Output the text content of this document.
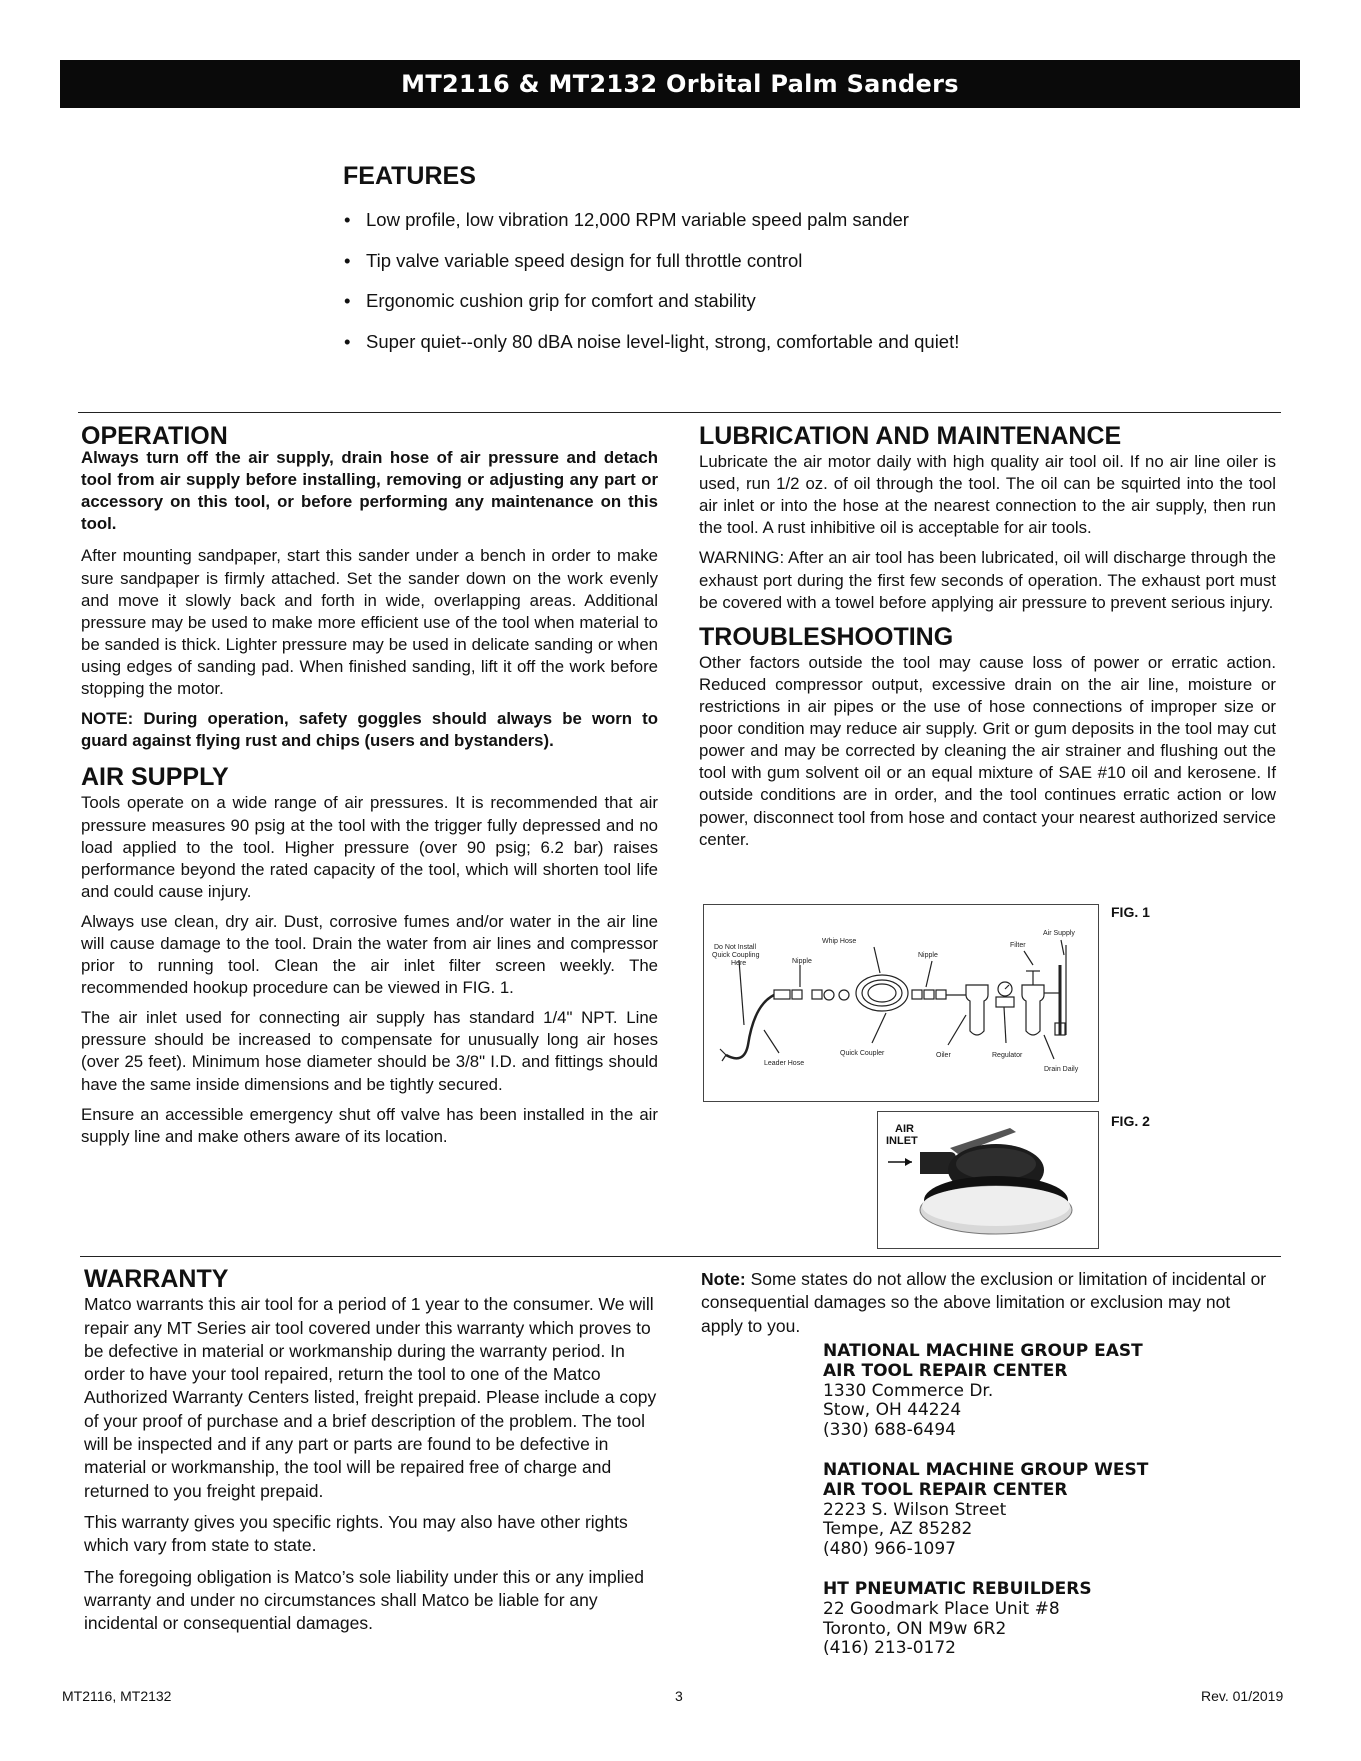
MT2116 & MT2132 Orbital Palm Sanders
FEATURES
• Low profile, low vibration 12,000 RPM variable speed palm sander
• Tip valve variable speed design for full throttle control
• Ergonomic cushion grip for comfort and stability
• Super quiet--only 80 dBA noise level-light, strong, comfortable and quiet!
OPERATION

Always turn off the air supply, drain hose of air pressure and detach tool from air supply before installing, removing or adjusting any part or accessory on this tool, or before performing any maintenance on this tool.

After mounting sandpaper, start this sander under a bench in order to make sure sandpaper is firmly attached. Set the sander down on the work evenly and move it slowly back and forth in wide, overlapping areas. Additional pressure may be used to make more efficient use of the tool when material to be sanded is thick. Lighter pressure may be used in delicate sanding or when using edges of sanding pad. When finished sanding, lift it off the work before stopping the motor.

NOTE: During operation, safety goggles should always be worn to guard against flying rust and chips (users and bystanders).

AIR SUPPLY

Tools operate on a wide range of air pressures. It is recommended that air pressure measures 90 psig at the tool with the trigger fully depressed and no load applied to the tool. Higher pressure (over 90 psig; 6.2 bar) raises performance beyond the rated capacity of the tool, which will shorten tool life and could cause injury.

Always use clean, dry air. Dust, corrosive fumes and/or water in the air line will cause damage to the tool. Drain the water from air lines and compressor prior to running tool. Clean the air inlet filter screen weekly. The recommended hookup procedure can be viewed in FIG. 1.

The air inlet used for connecting air supply has standard 1/4" NPT. Line pressure should be increased to compensate for unusually long air hoses (over 25 feet). Minimum hose diameter should be 3/8" I.D. and fittings should have the same inside dimensions and be tightly secured.

Ensure an accessible emergency shut off valve has been installed in the air supply line and make others aware of its location.

LUBRICATION AND MAINTENANCE

Lubricate the air motor daily with high quality air tool oil. If no air line oiler is used, run 1/2 oz. of oil through the tool. The oil can be squirted into the tool air inlet or into the hose at the nearest connection to the air supply, then run the tool. A rust inhibitive oil is acceptable for air tools.

WARNING: After an air tool has been lubricated, oil will discharge through the exhaust port during the first few seconds of operation. The exhaust port must be covered with a towel before applying air pressure to prevent serious injury.

TROUBLESHOOTING

Other factors outside the tool may cause loss of power or erratic action. Reduced compressor output, excessive drain on the air line, moisture or restrictions in air pipes or the use of hose connections of improper size or poor condition may reduce air supply. Grit or gum deposits in the tool may cut power and may be corrected by cleaning the air strainer and flushing out the tool with gum solvent oil or an equal mixture of SAE #10 oil and kerosene. If outside conditions are in order, and the tool continues erratic action or low power, disconnect tool from hose and contact your nearest authorized service center.

FIG. 1
Air Supply
Filter
Whip Hose
Nipple
Nipple
Do Not Install
Quick Coupling
Here
Quick Coupler	Oiler	Regulator
Leader Hose
Drain Daily
FIG. 2
AIR
INLET
WARRANTY

Matco warrants this air tool for a period of 1 year to the consumer. We will repair any MT Series air tool covered under this warranty which proves to be defective in material or workmanship during the warranty period. In order to have your tool repaired, return the tool to one of the Matco Authorized Warranty Centers listed, freight prepaid. Please include a copy of your proof of purchase and a brief description of the problem. The tool will be inspected and if any part or parts are found to be defective in material or workmanship, the tool will be repaired free of charge and returned to you freight prepaid.

This warranty gives you specific rights. You may also have other rights which vary from state to state.

The foregoing obligation is Matco’s sole liability under this or any implied warranty and under no circumstances shall Matco be liable for any incidental or consequential damages.

Note: Some states do not allow the exclusion or limitation of incidental or consequential damages so the above limitation or exclusion may not apply to you.

NATIONAL MACHINE GROUP EAST
AIR TOOL REPAIR CENTER
1330 Commerce Dr.
Stow, OH 44224
(330) 688-6494
NATIONAL MACHINE GROUP WEST
AIR TOOL REPAIR CENTER
2223 S. Wilson Street
Tempe, AZ 85282
(480) 966-1097
HT PNEUMATIC REBUILDERS
22 Goodmark Place Unit #8
Toronto, ON M9w 6R2
(416) 213-0172
MT2116, MT2132	3	Rev. 01/2019
